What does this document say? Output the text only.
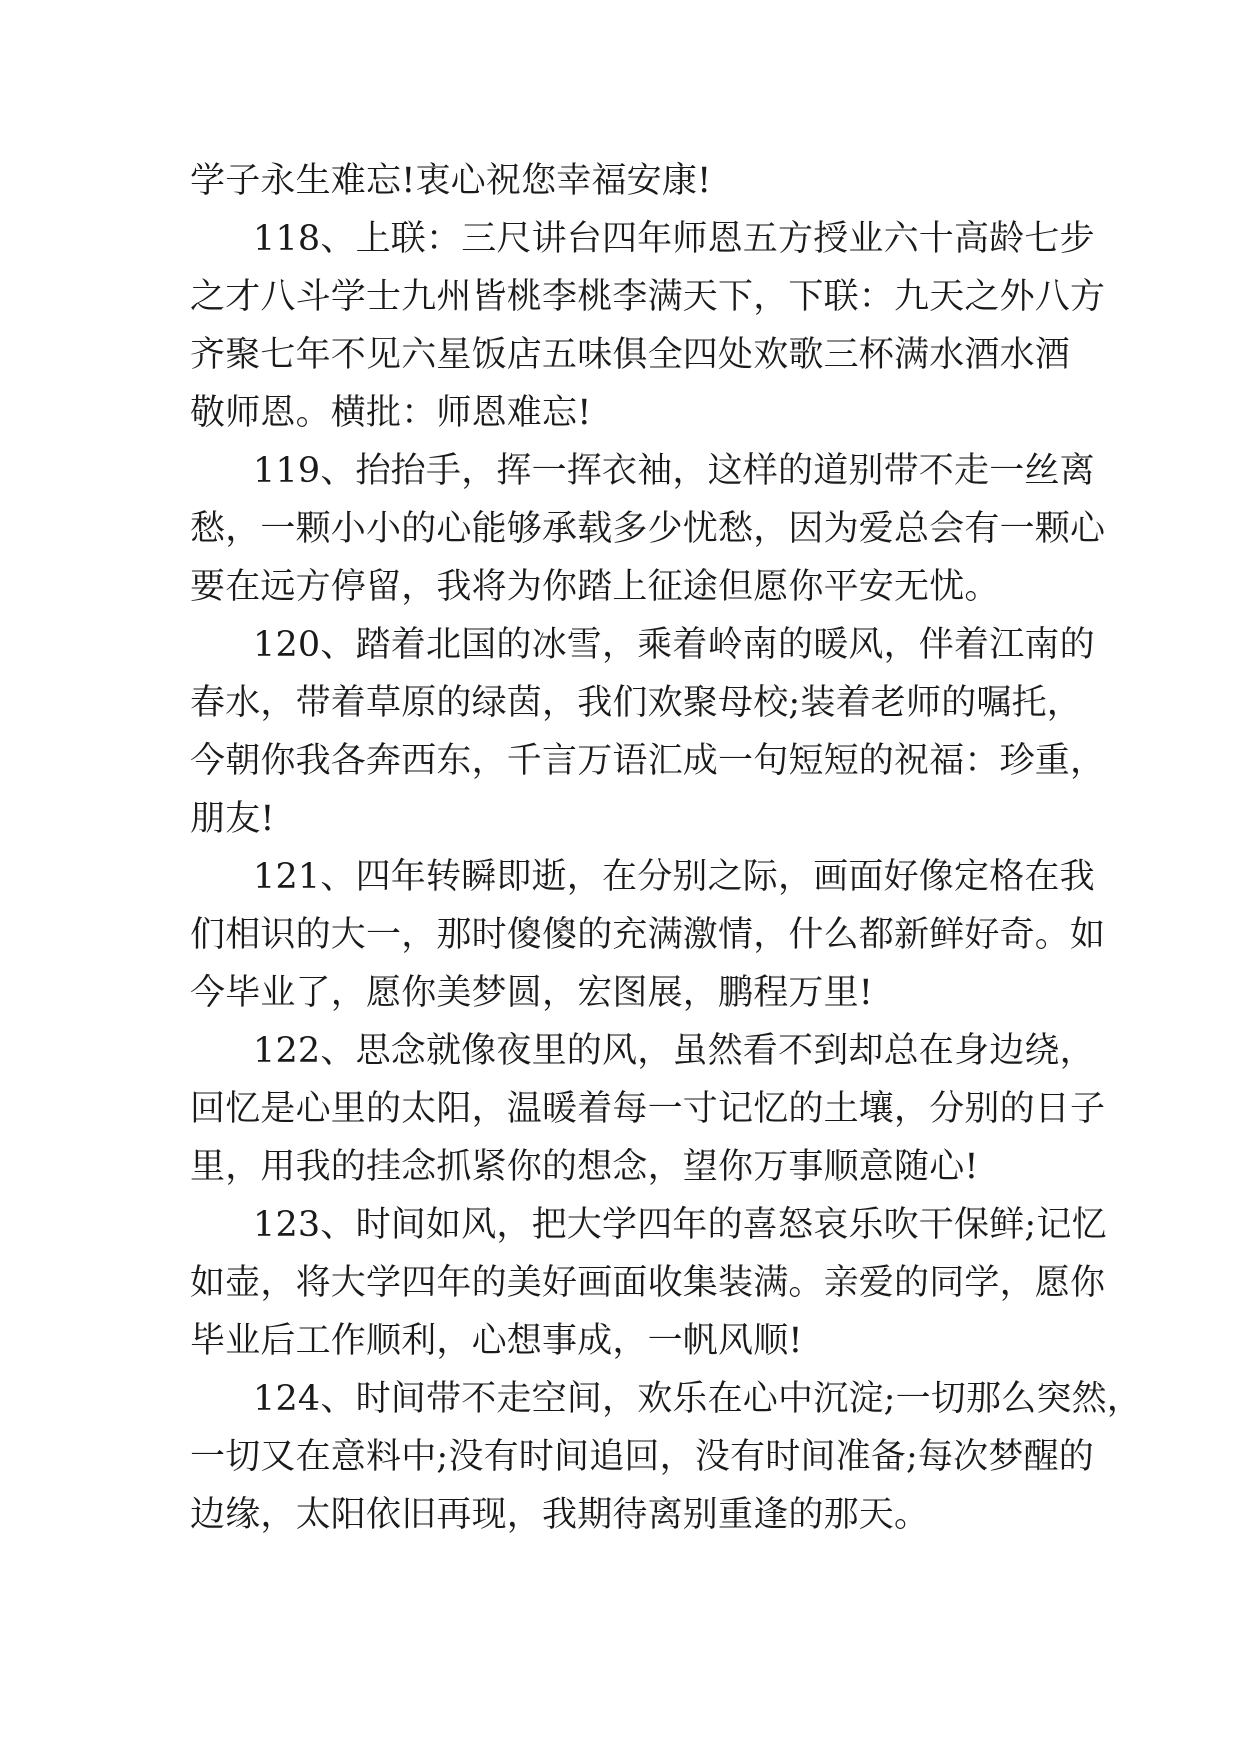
学子永生难忘!衷心祝您幸福安康!
118、上联：三尺讲台四年师恩五方授业六十高龄七步
之才八斗学士九州皆桃李桃李满天下，下联：九天之外八方
齐聚七年不见六星饭店五味俱全四处欢歌三杯满水酒水酒
敬师恩。横批：师恩难忘!
119、抬抬手，挥一挥衣袖，这样的道别带不走一丝离
愁，一颗小小的心能够承载多少忧愁，因为爱总会有一颗心
要在远方停留，我将为你踏上征途但愿你平安无忧。
120、踏着北国的冰雪，乘着岭南的暖风，伴着江南的
春水，带着草原的绿茵，我们欢聚母校;装着老师的嘱托，
今朝你我各奔西东，千言万语汇成一句短短的祝福：珍重，
朋友!
121、四年转瞬即逝，在分别之际，画面好像定格在我
们相识的大一，那时傻傻的充满激情，什么都新鲜好奇。如
今毕业了，愿你美梦圆，宏图展，鹏程万里!
122、思念就像夜里的风，虽然看不到却总在身边绕，
回忆是心里的太阳，温暖着每一寸记忆的土壤，分别的日子
里，用我的挂念抓紧你的想念，望你万事顺意随心!
123、时间如风，把大学四年的喜怒哀乐吹干保鲜;记忆
如壶，将大学四年的美好画面收集装满。亲爱的同学，愿你
毕业后工作顺利，心想事成，一帆风顺!
124、时间带不走空间，欢乐在心中沉淀;一切那么突然，
一切又在意料中;没有时间追回，没有时间准备;每次梦醒的
边缘，太阳依旧再现，我期待离别重逢的那天。
